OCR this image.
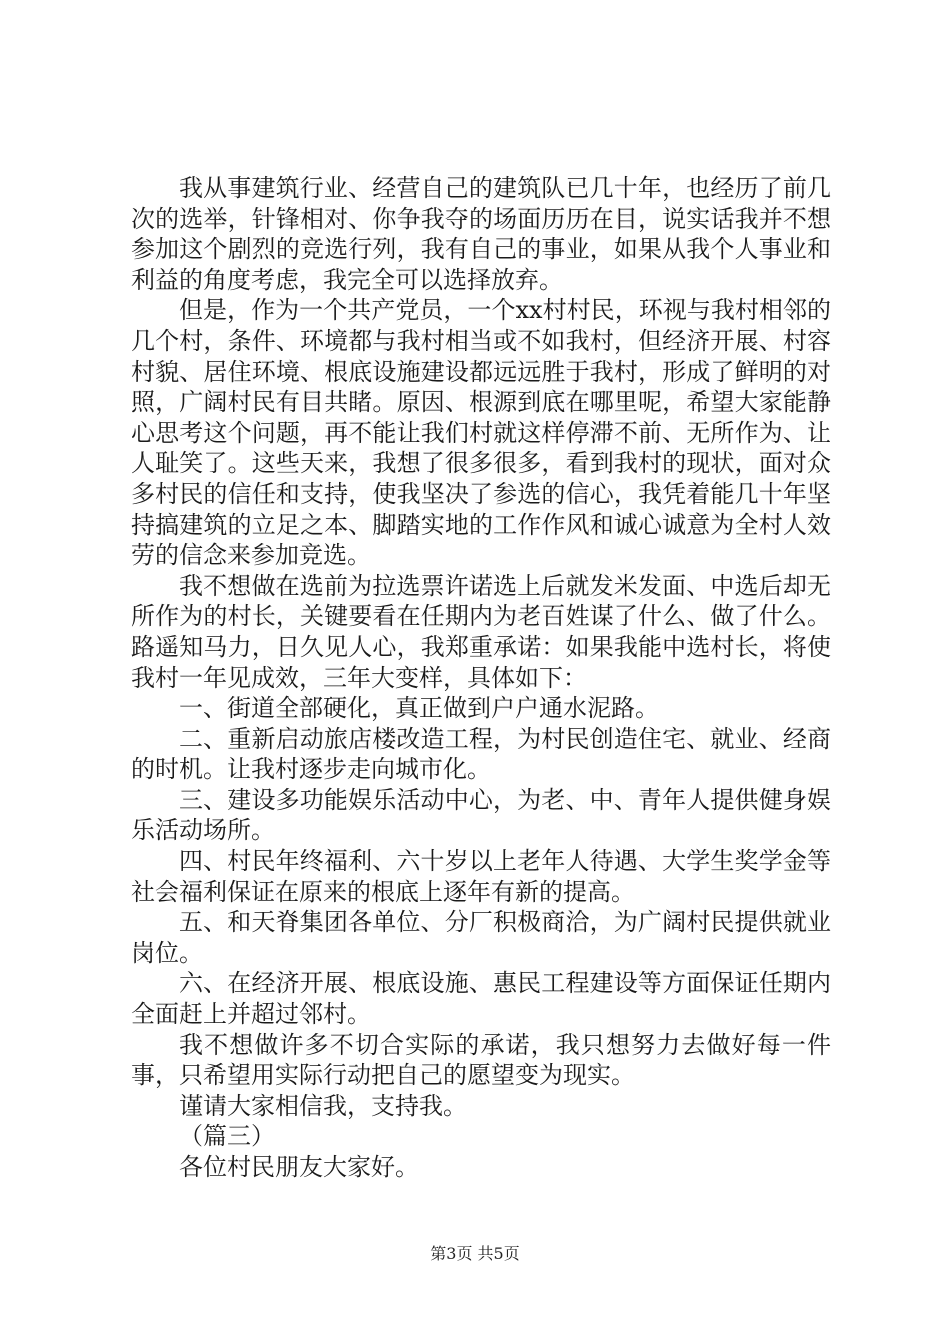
我从事建筑行业、经营自己的建筑队已几十年，也经历了前几次的选举，针锋相对、你争我夺的场面历历在目，说实话我并不想参加这个剧烈的竞选行列，我有自己的事业，如果从我个人事业和利益的角度考虑，我完全可以选择放弃。

但是，作为一个共产党员，一个xx村村民，环视与我村相邻的几个村，条件、环境都与我村相当或不如我村，但经济开展、村容村貌、居住环境、根底设施建设都远远胜于我村，形成了鲜明的对照，广阔村民有目共睹。原因、根源到底在哪里呢，希望大家能静心思考这个问题，再不能让我们村就这样停滞不前、无所作为、让人耻笑了。这些天来，我想了很多很多，看到我村的现状，面对众多村民的信任和支持，使我坚决了参选的信心，我凭着能几十年坚持搞建筑的立足之本、脚踏实地的工作作风和诚心诚意为全村人效劳的信念来参加竞选。

我不想做在选前为拉选票许诺选上后就发米发面、中选后却无所作为的村长，关键要看在任期内为老百姓谋了什么、做了什么。路遥知马力，日久见人心，我郑重承诺：如果我能中选村长，将使我村一年见成效，三年大变样，具体如下：

一、街道全部硬化，真正做到户户通水泥路。

二、重新启动旅店楼改造工程，为村民创造住宅、就业、经商的时机。让我村逐步走向城市化。

三、建设多功能娱乐活动中心，为老、中、青年人提供健身娱乐活动场所。

四、村民年终福利、六十岁以上老年人待遇、大学生奖学金等社会福利保证在原来的根底上逐年有新的提高。

五、和天脊集团各单位、分厂积极商洽，为广阔村民提供就业岗位。

六、在经济开展、根底设施、惠民工程建设等方面保证任期内全面赶上并超过邻村。

我不想做许多不切合实际的承诺，我只想努力去做好每一件事，只希望用实际行动把自己的愿望变为现实。

谨请大家相信我，支持我。

（篇三）

各位村民朋友大家好。

第3页 共5页
